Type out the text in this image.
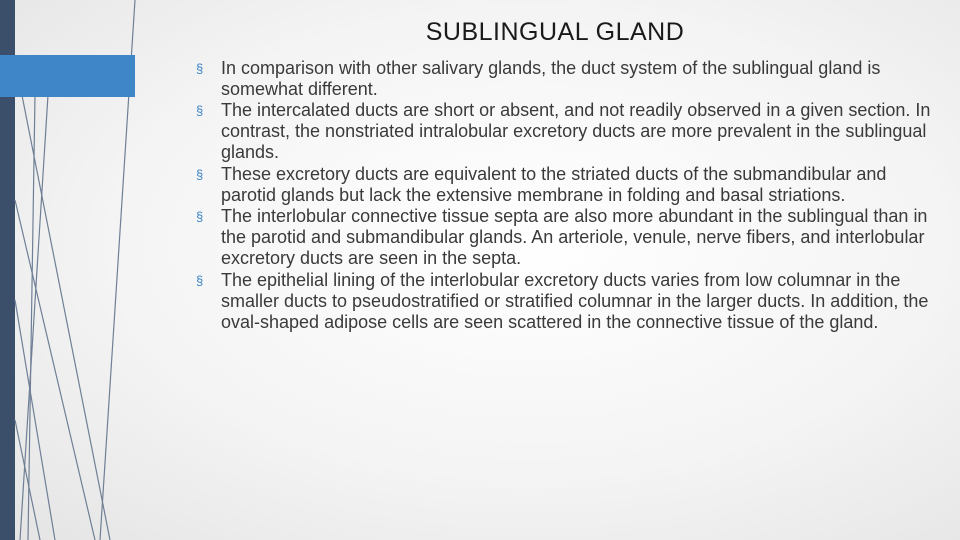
SUBLINGUAL GLAND
§ In comparison with other salivary glands, the duct system of the sublingual gland is somewhat different.
§ The intercalated ducts are short or absent, and not readily observed in a given section. In contrast, the nonstriated intralobular excretory ducts are more prevalent in the sublingual glands.
§ These excretory ducts are equivalent to the striated ducts of the submandibular and parotid glands but lack the extensive membrane in folding and basal striations.
§ The interlobular connective tissue septa are also more abundant in the sublingual than in the parotid and submandibular glands. An arteriole, venule, nerve fibers, and interlobular excretory ducts are seen in the septa.
§ The epithelial lining of the interlobular excretory ducts varies from low columnar in the smaller ducts to pseudostratified or stratified columnar in the larger ducts. In addition, the oval-shaped adipose cells are seen scattered in the connective tissue of the gland.
